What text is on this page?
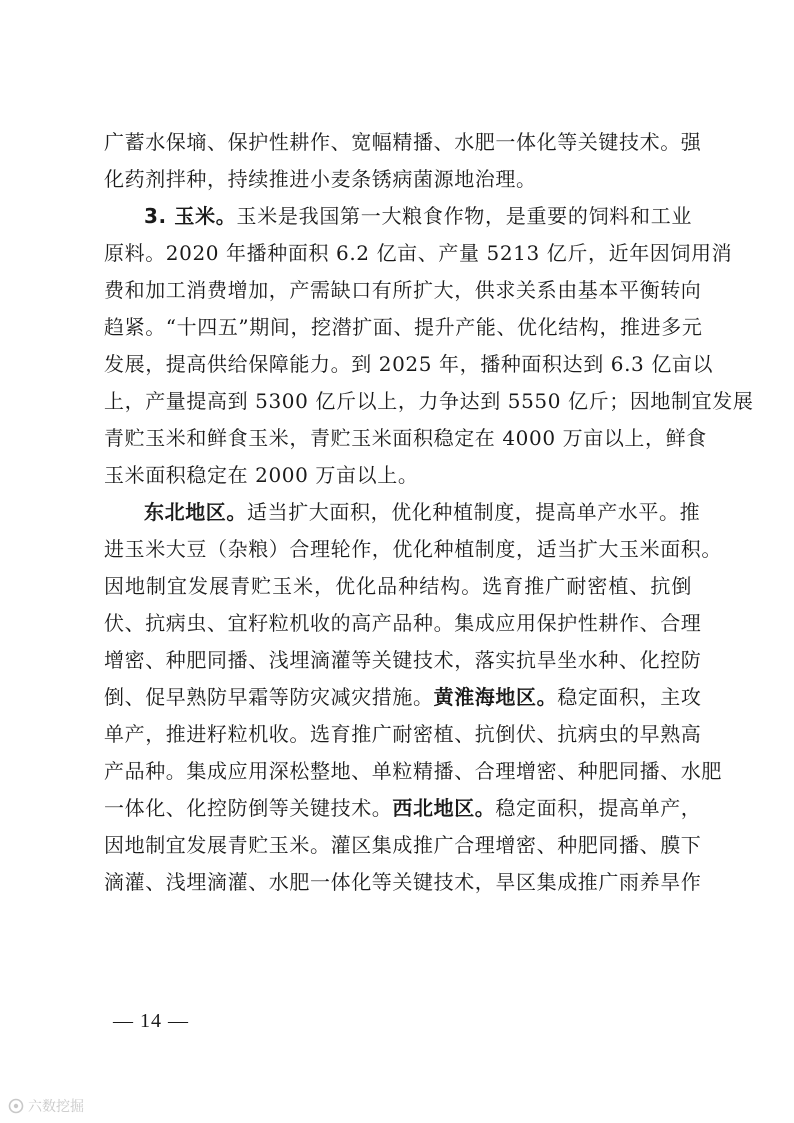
广蓄水保墒、保护性耕作、宽幅精播、水肥一体化等关键技术。强
化药剂拌种，持续推进小麦条锈病菌源地治理。
3. 玉米。玉米是我国第一大粮食作物，是重要的饲料和工业
原料。2020 年播种面积 6.2 亿亩、产量 5213 亿斤，近年因饲用消
费和加工消费增加，产需缺口有所扩大，供求关系由基本平衡转向
趋紧。“十四五”期间，挖潜扩面、提升产能、优化结构，推进多元
发展，提高供给保障能力。到 2025 年，播种面积达到 6.3 亿亩以
上，产量提高到 5300 亿斤以上，力争达到 5550 亿斤；因地制宜发展
青贮玉米和鲜食玉米，青贮玉米面积稳定在 4000 万亩以上，鲜食
玉米面积稳定在 2000 万亩以上。
东北地区。适当扩大面积，优化种植制度，提高单产水平。推
进玉米大豆（杂粮）合理轮作，优化种植制度，适当扩大玉米面积。
因地制宜发展青贮玉米，优化品种结构。选育推广耐密植、抗倒
伏、抗病虫、宜籽粒机收的高产品种。集成应用保护性耕作、合理
增密、种肥同播、浅埋滴灌等关键技术，落实抗旱坐水种、化控防
倒、促早熟防早霜等防灾减灾措施。黄淮海地区。稳定面积，主攻
单产，推进籽粒机收。选育推广耐密植、抗倒伏、抗病虫的早熟高
产品种。集成应用深松整地、单粒精播、合理增密、种肥同播、水肥
一体化、化控防倒等关键技术。西北地区。稳定面积，提高单产，
因地制宜发展青贮玉米。灌区集成推广合理增密、种肥同播、膜下
滴灌、浅埋滴灌、水肥一体化等关键技术，旱区集成推广雨养旱作
— 14 —
六数挖掘
